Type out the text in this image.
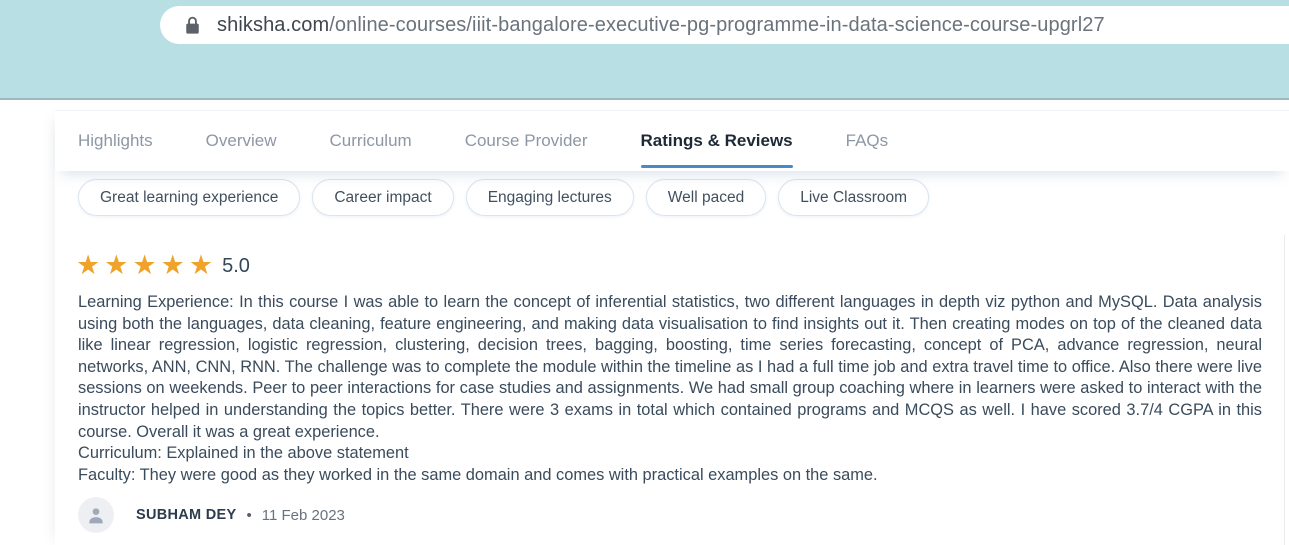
shiksha.com/online-courses/iiit-bangalore-executive-pg-programme-in-data-science-course-upgrl27
Highlights	Overview	Curriculum	Course Provider	Ratings & Reviews	FAQs
Great learning experience	Career impact	Engaging lectures	Well paced	Live Classroom
★ ★ ★ ★ ★ 5.0
Learning Experience: In this course I was able to learn the concept of inferential statistics, two different languages in depth viz python and MySQL. Data analysis using both the languages, data cleaning, feature engineering, and making data visualisation to find insights out it. Then creating modes on top of the cleaned data like linear regression, logistic regression, clustering, decision trees, bagging, boosting, time series forecasting, concept of PCA, advance regression, neural networks, ANN, CNN, RNN. The challenge was to complete the module within the timeline as I had a full time job and extra travel time to office. Also there were live sessions on weekends. Peer to peer interactions for case studies and assignments. We had small group coaching where in learners were asked to interact with the instructor helped in understanding the topics better. There were 3 exams in total which contained programs and MCQS as well. I have scored 3.7/4 CGPA in this course. Overall it was a great experience.
Curriculum: Explained in the above statement
Faculty: They were good as they worked in the same domain and comes with practical examples on the same.
SUBHAM DEY • 11 Feb 2023
